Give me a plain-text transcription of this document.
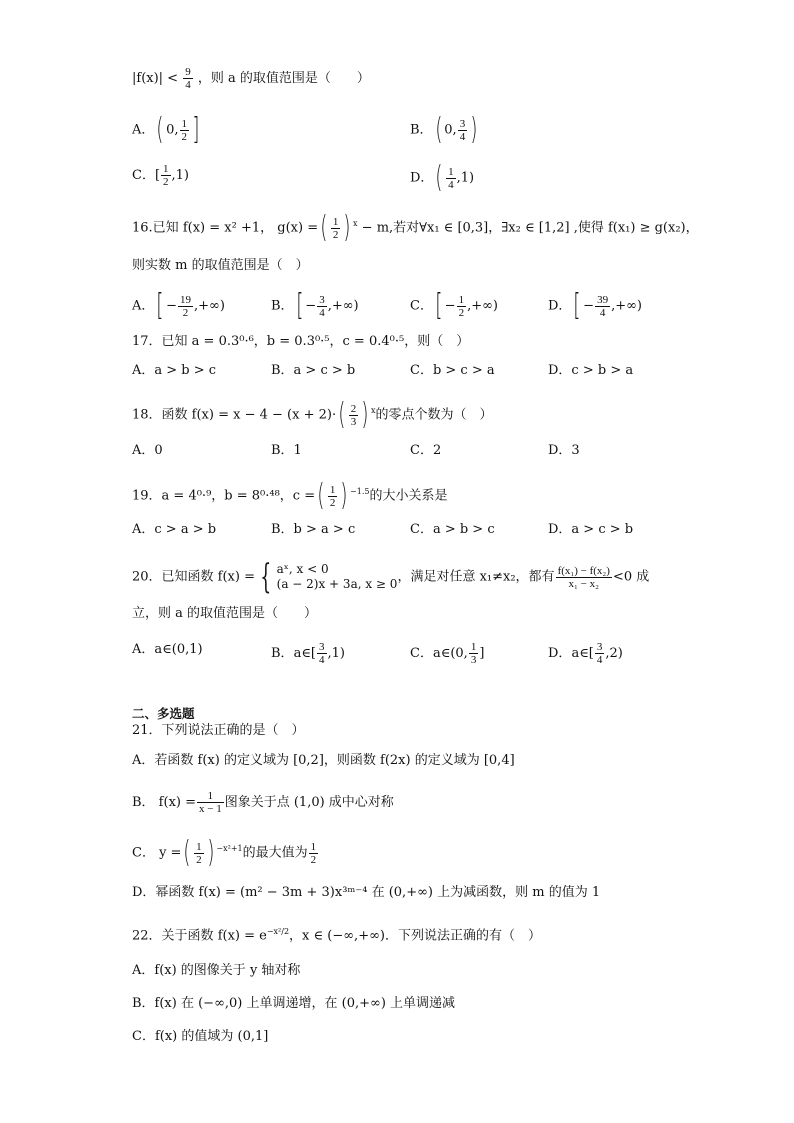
$|f(x)| < \frac{9}{4}$ ，则 a 的取值范围是（　　）
A．( 0, $\frac{1}{2}$ ]	B．( 0, $\frac{3}{4}$ )
C．[ $\frac{1}{2} ,1$)	D．( $\frac{1}{4} ,1$)
16.已知 f(x) = x² +1， g(x) =( $\frac{1}{2}$ ) $^x$ − m,若对∀x₁ ∈ [0,3]，∃x₂ ∈ [1,2] ,使得 f(x₁) ≥ g(x₂)，
则实数 m 的取值范围是（　）
A．[ − $\frac{19}{2}$ ,+∞)	B．[ − $\frac{3}{4}$ ,+∞)	C．[ − $\frac{1}{2}$ ,+∞)	D．[ − $\frac{39}{4}$ ,+∞)
17．已知 a = 0.3⁰·⁶，b = 0.3⁰·⁵，c = 0.4⁰·⁵，则（　）
A．a > b > c	B．a > c > b	C．b > c > a	D．c > b > a
18．函数 $f(x) = x - 4 - (x + 2)\cdot( \frac{2}{3}$ ) $^x$的零点个数为（　）
A．0	B．1	C．2	D．3
19．a = 4⁰·⁹，b = 8⁰·⁴⁸，c =( $\frac{1}{2}$ ) $^{-1.5}$的大小关系是
A．c > a > b	B．b > a > c	C．a > b > c	D．a > c > b
20．已知函数 f(x) = { aˣ, x < 0
(a − 2)x + 3a, x ≥ 0 ，满足对任意 x₁≠x₂，都有 $\frac{\text{f(x₁) − f(x₂)}}{\text{x₁ − x₂}} <0$ 成
立，则 a 的取值范围是（　　）
A．a∈(0,1)	B．a∈[ $\frac{3}{4} ,1$)	C．a∈(0, $\frac{1}{3}$ ]	D．a∈[ $\frac{3}{4} ,2$)
二、多选题
21．下列说法正确的是（　）
A．若函数 f(x) 的定义域为 [0,2]，则函数 f(2x) 的定义域为 [0,4]
B． $f(x) = \frac{1}{x - 1}$ 图象关于点 (1,0) 成中心对称
C． y =( $\frac{1}{2}$ ) $^{-x^2+1}$的最大值为 $\frac{1}{2}$
D．幂函数 f(x) = (m² − 3m + 3)x³ᵐ⁻⁴ 在 (0,+∞) 上为减函数，则 m 的值为 1
22．关于函数 $f(x) = e^{-x^2/2}$，x ∈ (−∞,+∞)．下列说法正确的有（　）
A．f(x) 的图像关于 y 轴对称
B．f(x) 在 (−∞,0) 上单调递增，在 (0,+∞) 上单调递减
C．f(x) 的值域为 (0,1]
